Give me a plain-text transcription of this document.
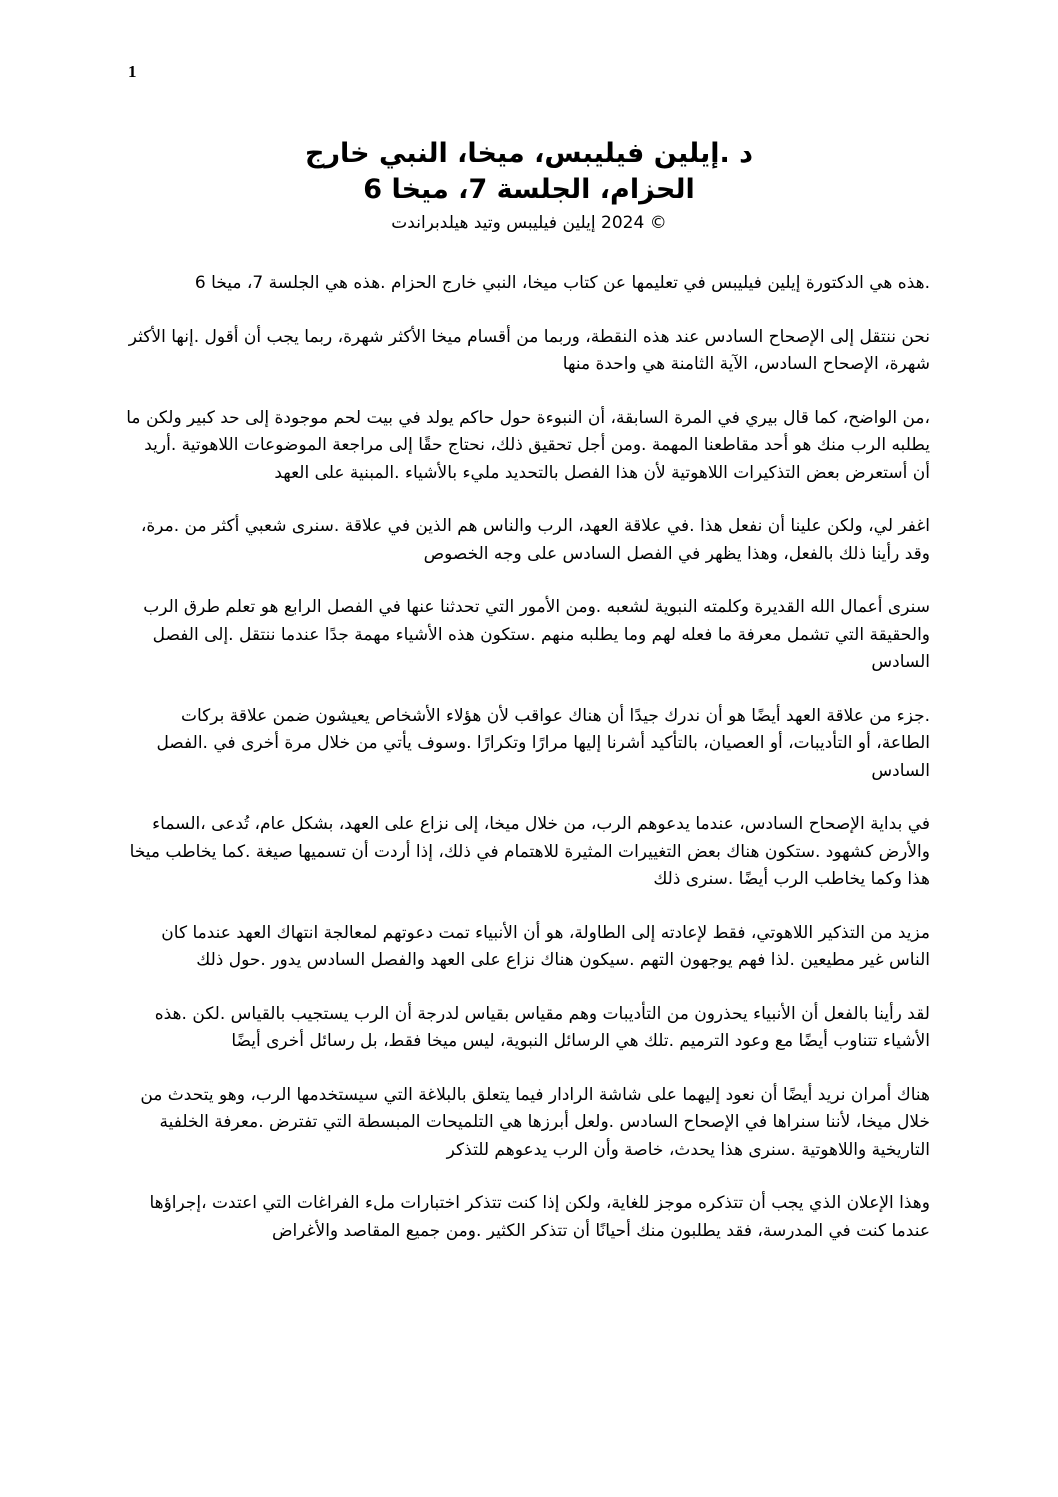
1
د .إيلين فيليبس، ميخا، النبي خارج
الحزام، الجلسة 7، ميخا 6
© 2024 إيلين فيليبس وتيد هيلدبراندت

.هذه هي الدكتورة إيلين فيليبس في تعليمها عن كتاب ميخا، النبي خارج الحزام .هذه هي الجلسة 7، ميخا 6

نحن ننتقل إلى الإصحاح السادس عند هذه النقطة، وربما من أقسام ميخا الأكثر شهرة، ربما يجب أن أقول .إنها الأكثر شهرة، الإصحاح السادس، الآية الثامنة هي واحدة منها

،من الواضح، كما قال بيري في المرة السابقة، أن النبوءة حول حاكم يولد في بيت لحم موجودة إلى حد كبير ولكن ما يطلبه الرب منك هو أحد مقاطعنا المهمة .ومن أجل تحقيق ذلك، نحتاج حقًا إلى مراجعة الموضوعات اللاهوتية .أريد أن أستعرض بعض التذكيرات اللاهوتية لأن هذا الفصل بالتحديد مليء بالأشياء .المبنية على العهد

اغفر لي، ولكن علينا أن نفعل هذا .في علاقة العهد، الرب والناس هم الذين في علاقة .سنرى شعبي أكثر من .مرة، وقد رأينا ذلك بالفعل، وهذا يظهر في الفصل السادس على وجه الخصوص

سنرى أعمال الله القديرة وكلمته النبوية لشعبه .ومن الأمور التي تحدثنا عنها في الفصل الرابع هو تعلم طرق الرب والحقيقة التي تشمل معرفة ما فعله لهم وما يطلبه منهم .ستكون هذه الأشياء مهمة جدًا عندما ننتقل .إلى الفصل السادس

.جزء من علاقة العهد أيضًا هو أن ندرك جيدًا أن هناك عواقب لأن هؤلاء الأشخاص يعيشون ضمن علاقة بركات الطاعة، أو التأديبات، أو العصيان، بالتأكيد أشرنا إليها مرارًا وتكرارًا .وسوف يأتي من خلال مرة أخرى في .الفصل السادس

في بداية الإصحاح السادس، عندما يدعوهم الرب، من خلال ميخا، إلى نزاع على العهد، بشكل عام، تُدعى ،السماء والأرض كشهود .ستكون هناك بعض التغييرات المثيرة للاهتمام في ذلك، إذا أردت أن تسميها صيغة .كما يخاطب ميخا هذا وكما يخاطب الرب أيضًا .سنرى ذلك

مزيد من التذكير اللاهوتي، فقط لإعادته إلى الطاولة، هو أن الأنبياء تمت دعوتهم لمعالجة انتهاك العهد عندما كان الناس غير مطيعين .لذا فهم يوجهون التهم .سيكون هناك نزاع على العهد والفصل السادس يدور .حول ذلك

لقد رأينا بالفعل أن الأنبياء يحذرون من التأديبات وهم مقياس بقياس لدرجة أن الرب يستجيب بالقياس .لكن .هذه الأشياء تتناوب أيضًا مع وعود الترميم .تلك هي الرسائل النبوية، ليس ميخا فقط، بل رسائل أخرى أيضًا

هناك أمران نريد أيضًا أن نعود إليهما على شاشة الرادار فيما يتعلق بالبلاغة التي سيستخدمها الرب، وهو يتحدث من خلال ميخا، لأننا سنراها في الإصحاح السادس .ولعل أبرزها هي التلميحات المبسطة التي تفترض .معرفة الخلفية التاريخية واللاهوتية .سنرى هذا يحدث، خاصة وأن الرب يدعوهم للتذكر

وهذا الإعلان الذي يجب أن تتذكره موجز للغاية، ولكن إذا كنت تتذكر اختبارات ملء الفراغات التي اعتدت ،إجراؤها عندما كنت في المدرسة، فقد يطلبون منك أحيانًا أن تتذكر الكثير .ومن جميع المقاصد والأغراض
